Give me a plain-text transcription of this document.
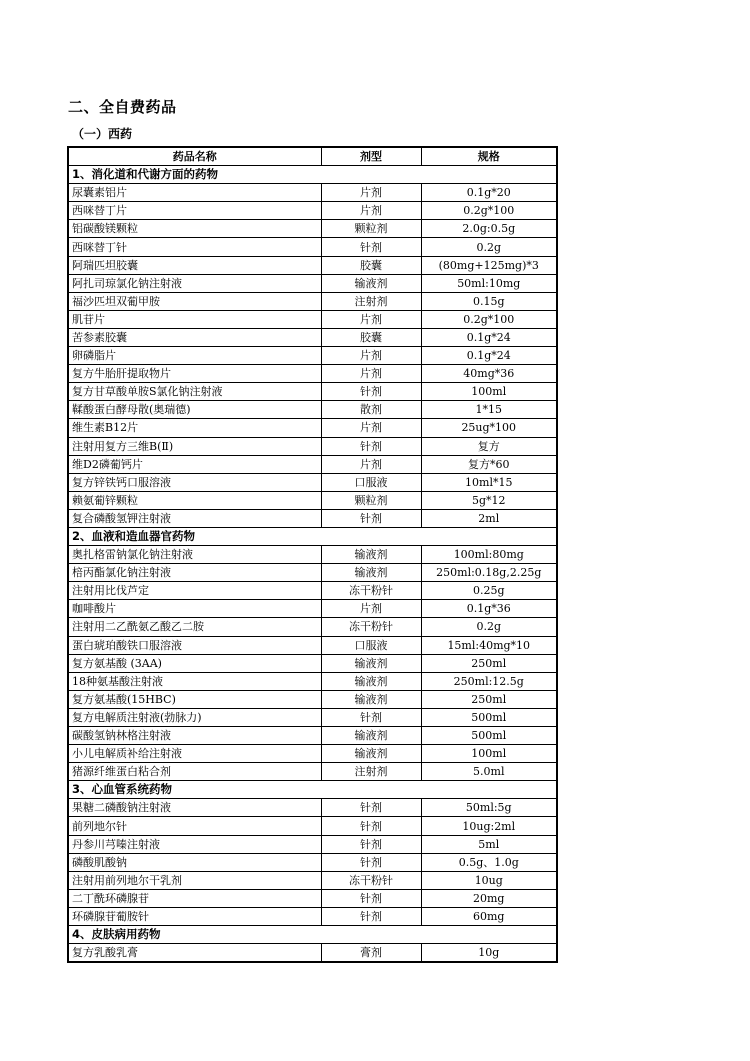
二、全自费药品
（一）西药
药品名称	剂型	规格
1、消化道和代谢方面的药物		
尿囊素铝片	片剂	0.1g*20
西咪替丁片	片剂	0.2g*100
铝碳酸镁颗粒	颗粒剂	2.0g:0.5g
西咪替丁针	针剂	0.2g
阿瑞匹坦胶囊	胶囊	(80mg+125mg)*3
阿扎司琼氯化钠注射液	输液剂	50ml:10mg
福沙匹坦双葡甲胺	注射剂	0.15g
肌苷片	片剂	0.2g*100
苦参素胶囊	胶囊	0.1g*24
卵磷脂片	片剂	0.1g*24
复方牛胎肝提取物片	片剂	40mg*36
复方甘草酸单胺S氯化钠注射液	针剂	100ml
鞣酸蛋白酵母散(奥瑞德)	散剂	1*15
维生素B12片	片剂	25ug*100
注射用复方三维B(Ⅱ)	针剂	复方
维D2磷葡钙片	片剂	复方*60
复方锌铁钙口服溶液	口服液	10ml*15
赖氨葡锌颗粒	颗粒剂	5g*12
复合磷酸氢钾注射液	针剂	2ml
2、血液和造血器官药物		
奥扎格雷钠氯化钠注射液	输液剂	100ml:80mg
棓丙酯氯化钠注射液	输液剂	250ml:0.18g,2.25g
注射用比伐芦定	冻干粉针	0.25g
咖啡酸片	片剂	0.1g*36
注射用二乙酰氨乙酸乙二胺	冻干粉针	0.2g
蛋白琥珀酸铁口服溶液	口服液	15ml:40mg*10
复方氨基酸 (3AA)	输液剂	250ml
18种氨基酸注射液	输液剂	250ml:12.5g
复方氨基酸(15HBC)	输液剂	250ml
复方电解质注射液(勃脉力)	针剂	500ml
碳酸氢钠林格注射液	输液剂	500ml
小儿电解质补给注射液	输液剂	100ml
猪源纤维蛋白粘合剂	注射剂	5.0ml
3、心血管系统药物		
果糖二磷酸钠注射液	针剂	50ml:5g
前列地尔针	针剂	10ug:2ml
丹参川芎嗪注射液	针剂	5ml
磷酸肌酸钠	针剂	0.5g、1.0g
注射用前列地尔干乳剂	冻干粉针	10ug
二丁酰环磷腺苷	针剂	20mg
环磷腺苷葡胺针	针剂	60mg
4、皮肤病用药物		
复方乳酸乳膏	膏剂	10g
